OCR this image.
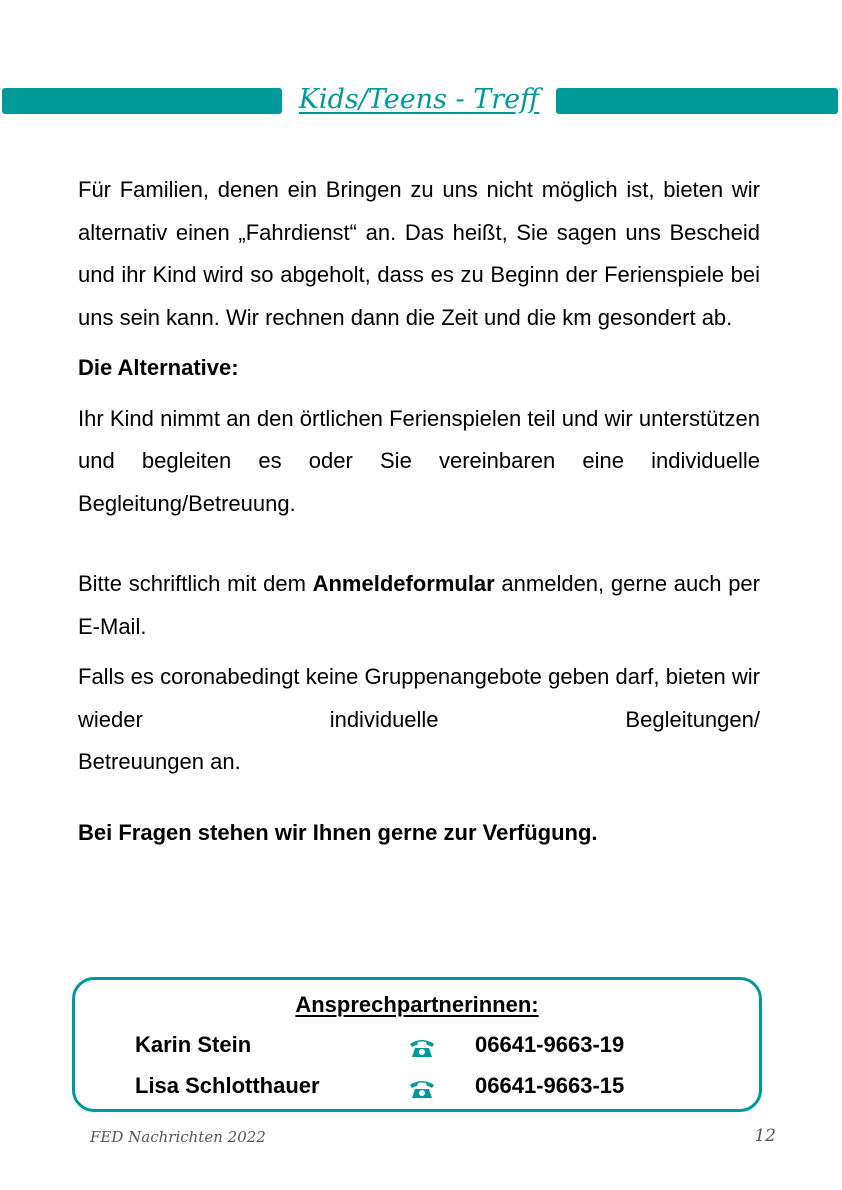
Kids/Teens - Treff

Für Familien, denen ein Bringen zu uns nicht möglich ist, bieten wir alternativ einen „Fahrdienst“ an. Das heißt, Sie sagen uns Bescheid und ihr Kind wird so abgeholt, dass es zu Beginn der Ferienspiele bei uns sein kann. Wir rechnen dann die Zeit und die km gesondert ab.

Die Alternative:

Ihr Kind nimmt an den örtlichen Ferienspielen teil und wir unterstützen und begleiten es oder Sie vereinbaren eine individuelle Begleitung/Betreuung.

Bitte schriftlich mit dem Anmeldeformular anmelden, gerne auch per E-Mail.

Falls es coronabedingt keine Gruppenangebote geben darf, bieten wir wieder individuelle Begleitungen/

Betreuungen an.

Bei Fragen stehen wir Ihnen gerne zur Verfügung.

Ansprechpartnerinnen:
Karin Stein	06641-9663-19
Lisa Schlotthauer	06641-9663-15
FED Nachrichten 2022	12
